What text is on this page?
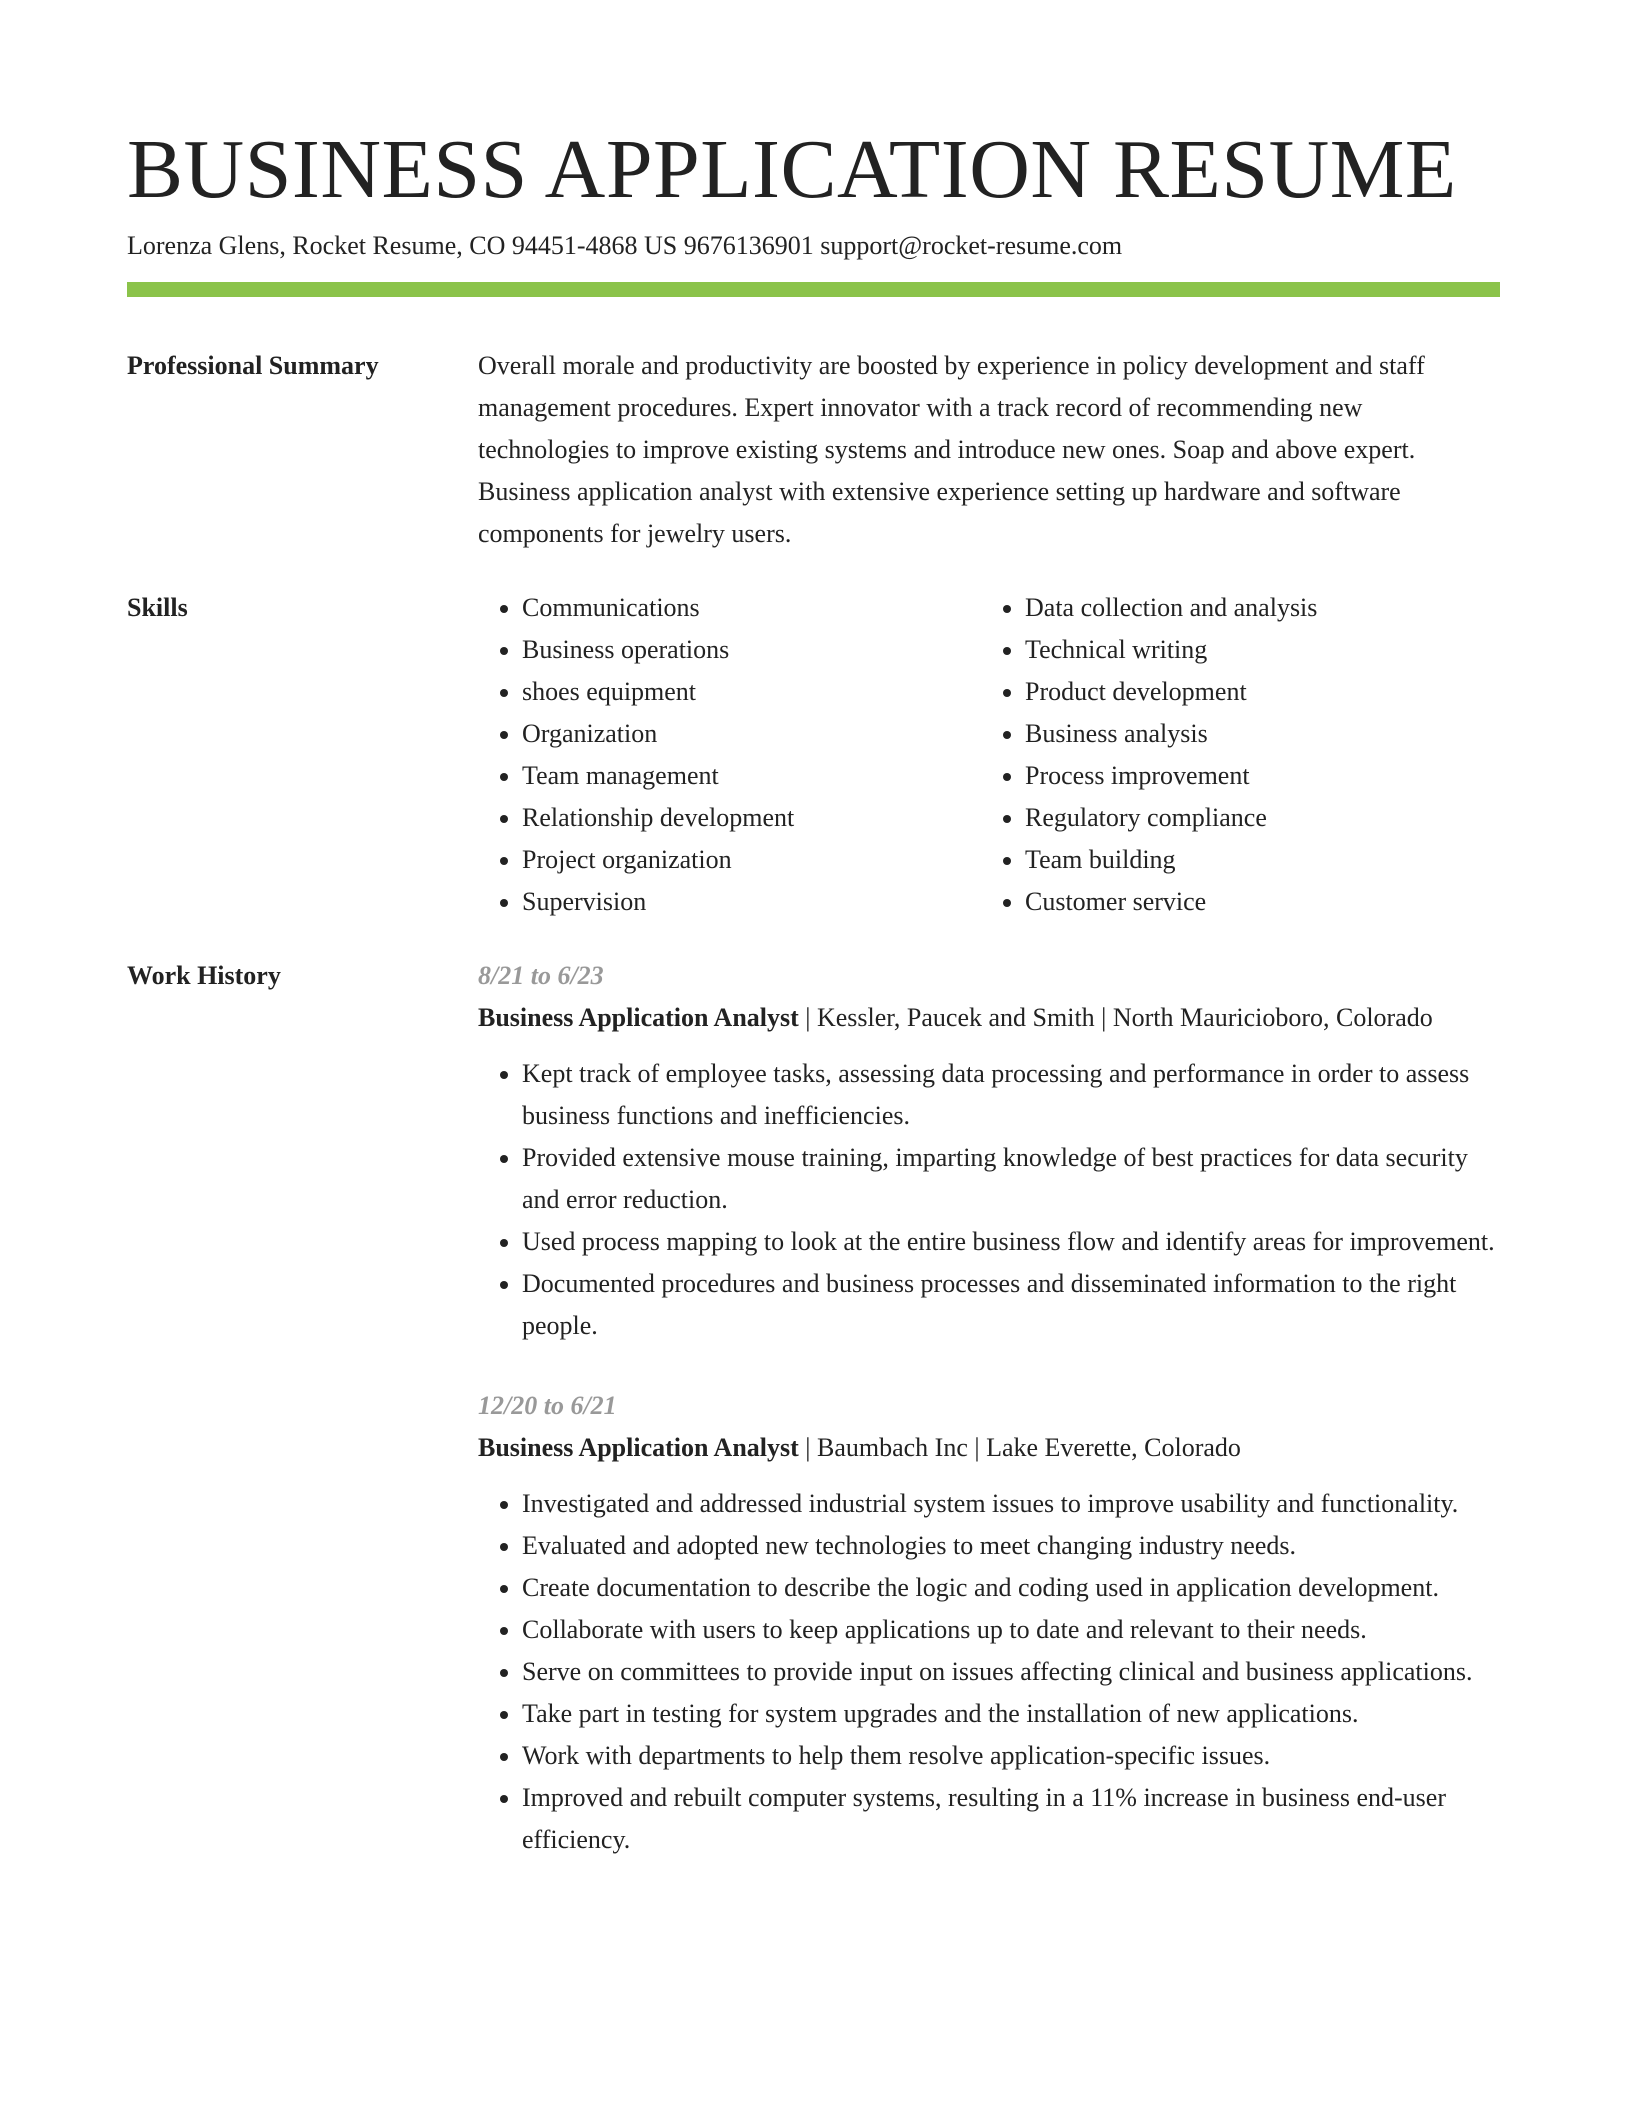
BUSINESS APPLICATION RESUME
Lorenza Glens, Rocket Resume, CO 94451-4868 US 9676136901 support@rocket-resume.com
Professional Summary	Overall morale and productivity are boosted by experience in policy development and staff management procedures. Expert innovator with a track record of recommending new technologies to improve existing systems and introduce new ones. Soap and above expert. Business application analyst with extensive experience setting up hardware and software components for jewelry users.

Skills
•	Communications
• Business operations
• shoes equipment
• Organization
• Team management
• Relationship development
• Project organization
• Supervision
• Data collection and analysis
• Technical writing
• Product development
• Business analysis
• Process improvement
• Regulatory compliance
• Team building
• Customer service
Work History	8/21 to 6/23
Business Application Analyst | Kessler, Paucek and Smith | North Mauricioboro, Colorado
• Kept track of employee tasks, assessing data processing and performance in order to assess business functions and inefficiencies.
• Provided extensive mouse training, imparting knowledge of best practices for data security and error reduction.
• Used process mapping to look at the entire business flow and identify areas for improvement.
• Documented procedures and business processes and disseminated information to the right people.
12/20 to 6/21
Business Application Analyst | Baumbach Inc | Lake Everette, Colorado
• Investigated and addressed industrial system issues to improve usability and functionality.
• Evaluated and adopted new technologies to meet changing industry needs.
• Create documentation to describe the logic and coding used in application development.
• Collaborate with users to keep applications up to date and relevant to their needs.
• Serve on committees to provide input on issues affecting clinical and business applications.
• Take part in testing for system upgrades and the installation of new applications.
• Work with departments to help them resolve application-specific issues.
• Improved and rebuilt computer systems, resulting in a 11% increase in business end-user efficiency.
